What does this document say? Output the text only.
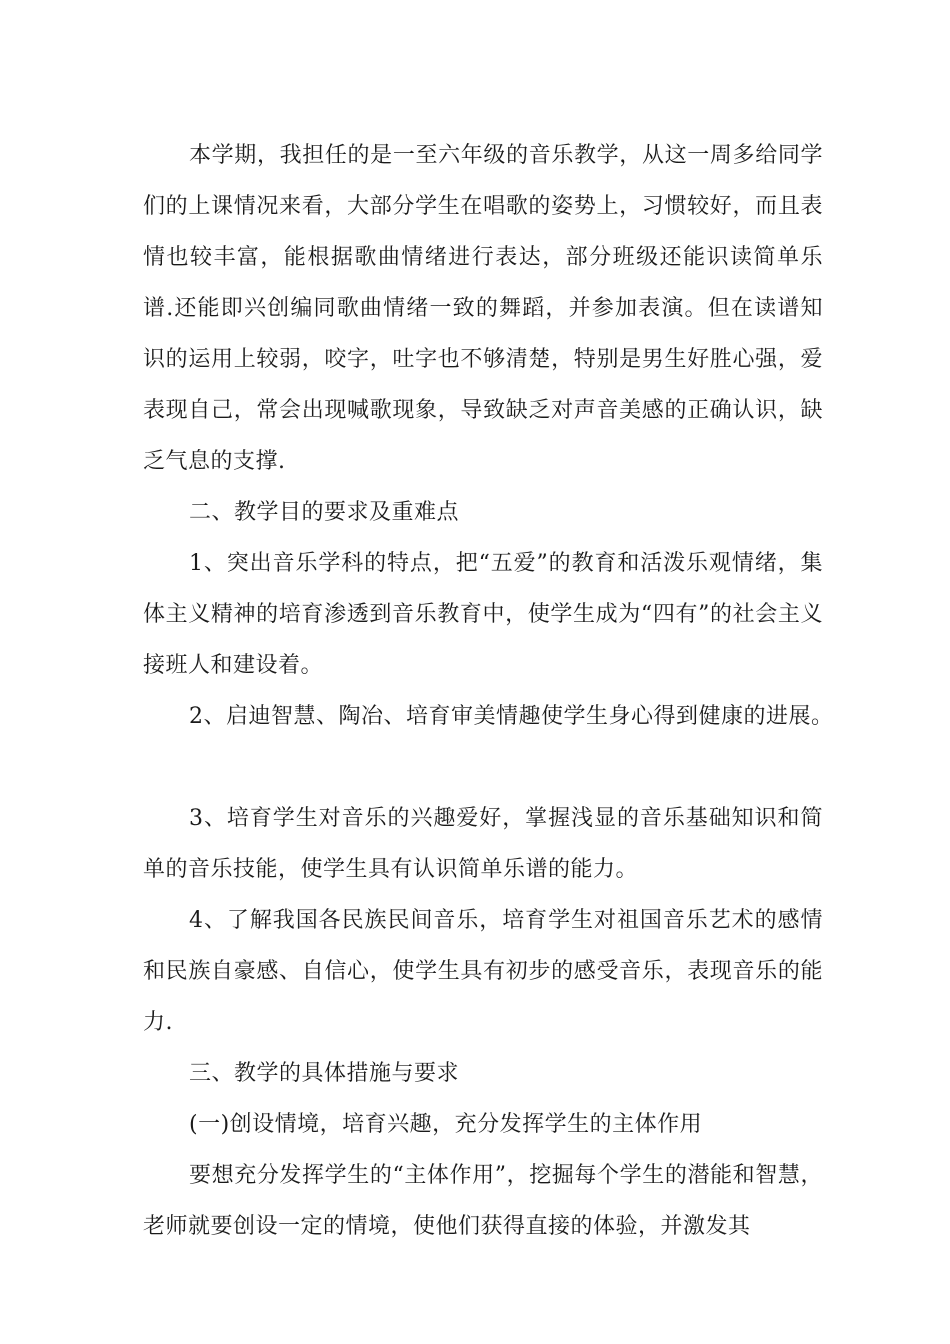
本学期，我担任的是一至六年级的音乐教学，从这一周多给同学们的上课情况来看，大部分学生在唱歌的姿势上，习惯较好，而且表情也较丰富，能根据歌曲情绪进行表达，部分班级还能识读简单乐谱.还能即兴创编同歌曲情绪一致的舞蹈，并参加表演。但在读谱知识的运用上较弱，咬字，吐字也不够清楚，特别是男生好胜心强，爱表现自己，常会出现喊歌现象，导致缺乏对声音美感的正确认识，缺乏气息的支撑.

二、教学目的要求及重难点

1、突出音乐学科的特点，把“五爱”的教育和活泼乐观情绪，集体主义精神的培育渗透到音乐教育中，使学生成为“四有”的社会主义接班人和建设着。

2、启迪智慧、陶冶、培育审美情趣使学生身心得到健康的进展。

3、培育学生对音乐的兴趣爱好，掌握浅显的音乐基础知识和简单的音乐技能，使学生具有认识简单乐谱的能力。

4、了解我国各民族民间音乐，培育学生对祖国音乐艺术的感情和民族自豪感、自信心，使学生具有初步的感受音乐，表现音乐的能力.

三、教学的具体措施与要求

(一)创设情境，培育兴趣，充分发挥学生的主体作用

要想充分发挥学生的“主体作用”，挖掘每个学生的潜能和智慧，老师就要创设一定的情境，使他们获得直接的体验，并激发其
